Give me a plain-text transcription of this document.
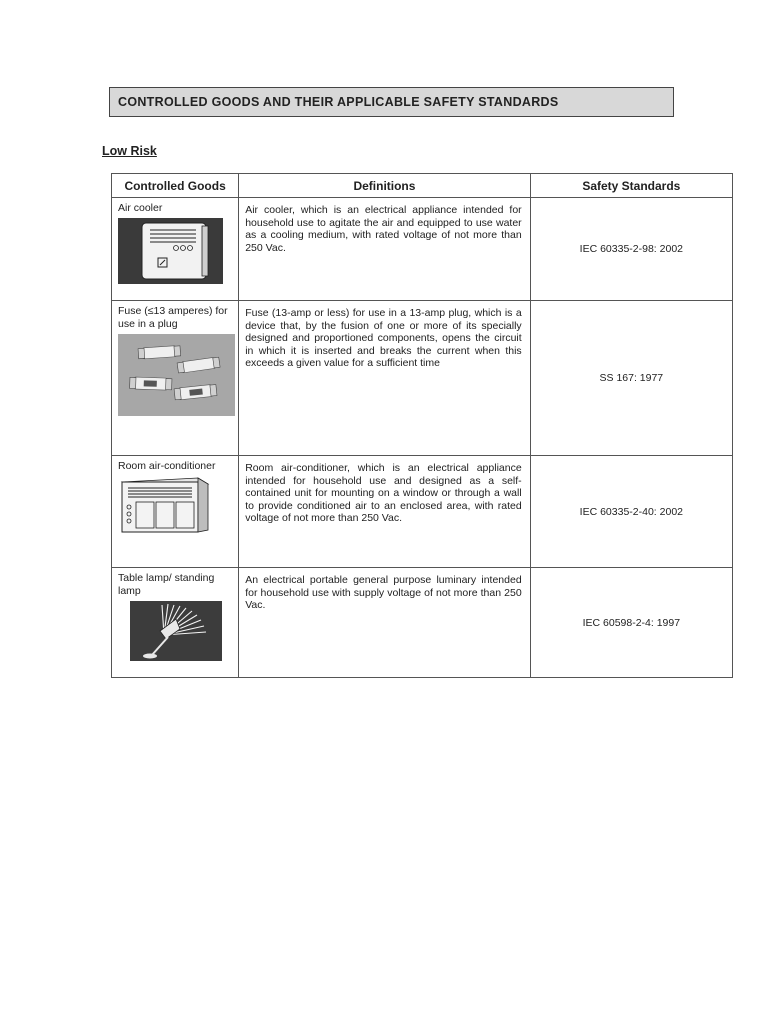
CONTROLLED GOODS AND THEIR APPLICABLE SAFETY STANDARDS
Low Risk
Controlled Goods	Definitions	Safety Standards

Air cooler	Air cooler, which is an electrical appliance intended for household use to agitate the air and equipped to use water as a cooling medium, with rated voltage of not more than 250 Vac.	IEC 60335-2-98: 2002

Fuse (≤13 amperes) for use in a plug	Fuse (13-amp or less) for use in a 13-amp plug, which is a device that, by the fusion of one or more of its specially designed and proportioned components, opens the circuit in which it is inserted and breaks the current when this exceeds a given value for a sufficient time	SS 167: 1977

Room air-conditioner	Room air-conditioner, which is an electrical appliance intended for household use and designed as a self-contained unit for mounting on a window or through a wall to provide conditioned air to an enclosed area, with rated voltage of not more than 250 Vac.	IEC 60335-2-40: 2002

Table lamp/ standing lamp	An electrical portable general purpose luminary intended for household use with supply voltage of not more than 250 Vac.	IEC 60598-2-4: 1997
